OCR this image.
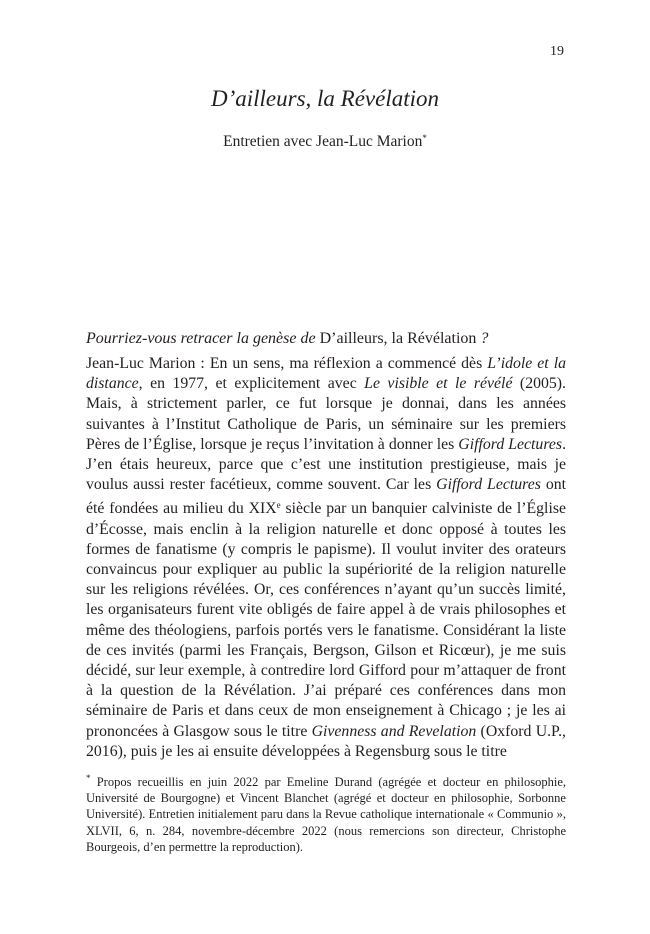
19
D’ailleurs, la Révélation
Entretien avec Jean-Luc Marion*
Pourriez-vous retracer la genèse de D’ailleurs, la Révélation ?

Jean-Luc Marion : En un sens, ma réflexion a commencé dès L’idole et la distance, en 1977, et explicitement avec Le visible et le révélé (2005). Mais, à strictement parler, ce fut lorsque je donnai, dans les années suivantes à l’Institut Catholique de Paris, un séminaire sur les premiers Pères de l’Église, lorsque je reçus l’invitation à donner les Gifford Lectures. J’en étais heureux, parce que c’est une institution prestigieuse, mais je voulus aussi rester facétieux, comme souvent. Car les Gifford Lectures ont été fondées au milieu du XIXe siècle par un banquier calviniste de l’Église d’Écosse, mais enclin à la religion naturelle et donc opposé à toutes les formes de fanatisme (y compris le papisme). Il voulut inviter des orateurs convaincus pour expliquer au public la supériorité de la religion naturelle sur les religions révélées. Or, ces conférences n’ayant qu’un succès limité, les organisateurs furent vite obligés de faire appel à de vrais philosophes et même des théologiens, parfois portés vers le fanatisme. Considérant la liste de ces invités (parmi les Français, Bergson, Gilson et Ricœur), je me suis décidé, sur leur exemple, à contredire lord Gifford pour m’attaquer de front à la question de la Révélation. J’ai préparé ces conférences dans mon séminaire de Paris et dans ceux de mon enseignement à Chicago ; je les ai prononcées à Glasgow sous le titre Givenness and Revelation (Oxford U.P., 2016), puis je les ai ensuite développées à Regensburg sous le titre

* Propos recueillis en juin 2022 par Emeline Durand (agrégée et docteur en philosophie, Université de Bourgogne) et Vincent Blanchet (agrégé et docteur en philosophie, Sorbonne Université). Entretien initialement paru dans la Revue catholique internationale « Communio », XLVII, 6, n. 284, novembre-décembre 2022 (nous remercions son directeur, Christophe Bourgeois, d’en permettre la reproduction).
